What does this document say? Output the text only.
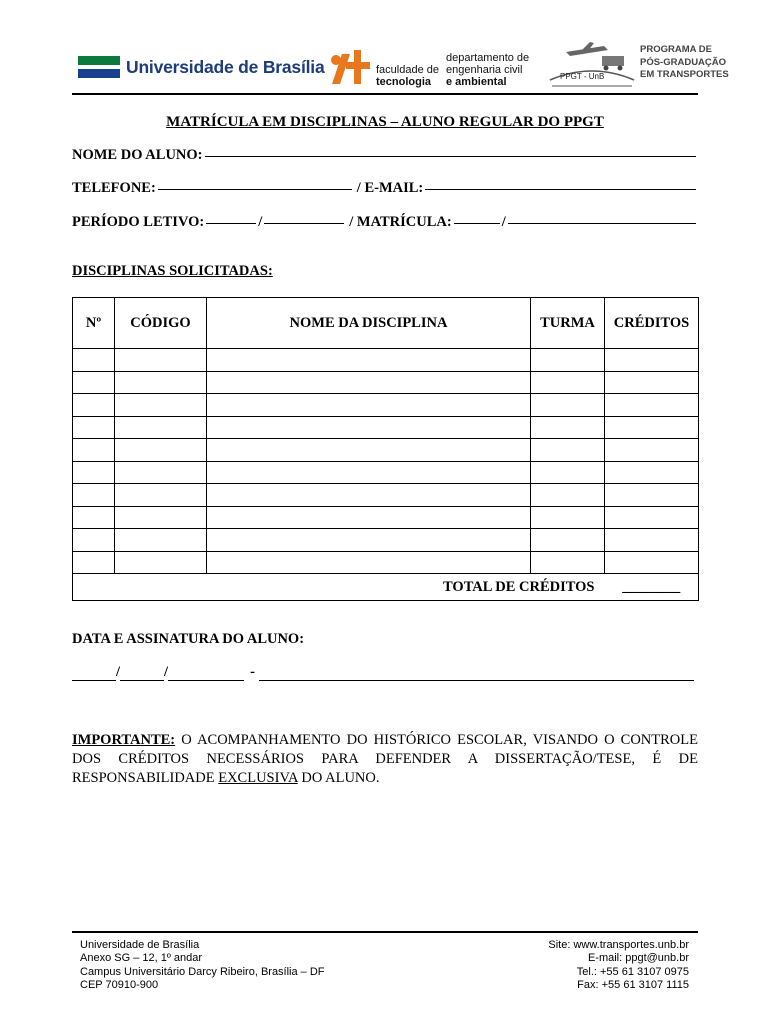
Universidade de Brasília	faculdade de
tecnologia
departamento de
engenharia civil
e ambiental	PPGT - UnB
PROGRAMA DE
PÓS-GRADUAÇÃO
EM TRANSPORTES
MATRÍCULA EM DISCIPLINAS – ALUNO REGULAR DO PPGT
NOME DO ALUNO:
TELEFONE:	/ E-MAIL:
PERÍODO LETIVO:	/	/ MATRÍCULA:	/
DISCIPLINAS SOLICITADAS:
Nº	CÓDIGO	NOME DA DISCIPLINA	TURMA	CRÉDITOS

TOTAL DE CRÉDITOS				________
DATA E ASSINATURA DO ALUNO:
/	/	-
IMPORTANTE: O ACOMPANHAMENTO DO HISTÓRICO ESCOLAR, VISANDO O CONTROLE DOS CRÉDITOS NECESSÁRIOS PARA DEFENDER A DISSERTAÇÃO/TESE, É DE RESPONSABILIDADE EXCLUSIVA DO ALUNO.
Universidade de Brasília
Anexo SG – 12, 1º andar
Campus Universitário Darcy Ribeiro, Brasília – DF
CEP 70910-900
Site: www.transportes.unb.br
E-mail: ppgt@unb.br
Tel.: +55 61 3107 0975
Fax: +55 61 3107 1115
